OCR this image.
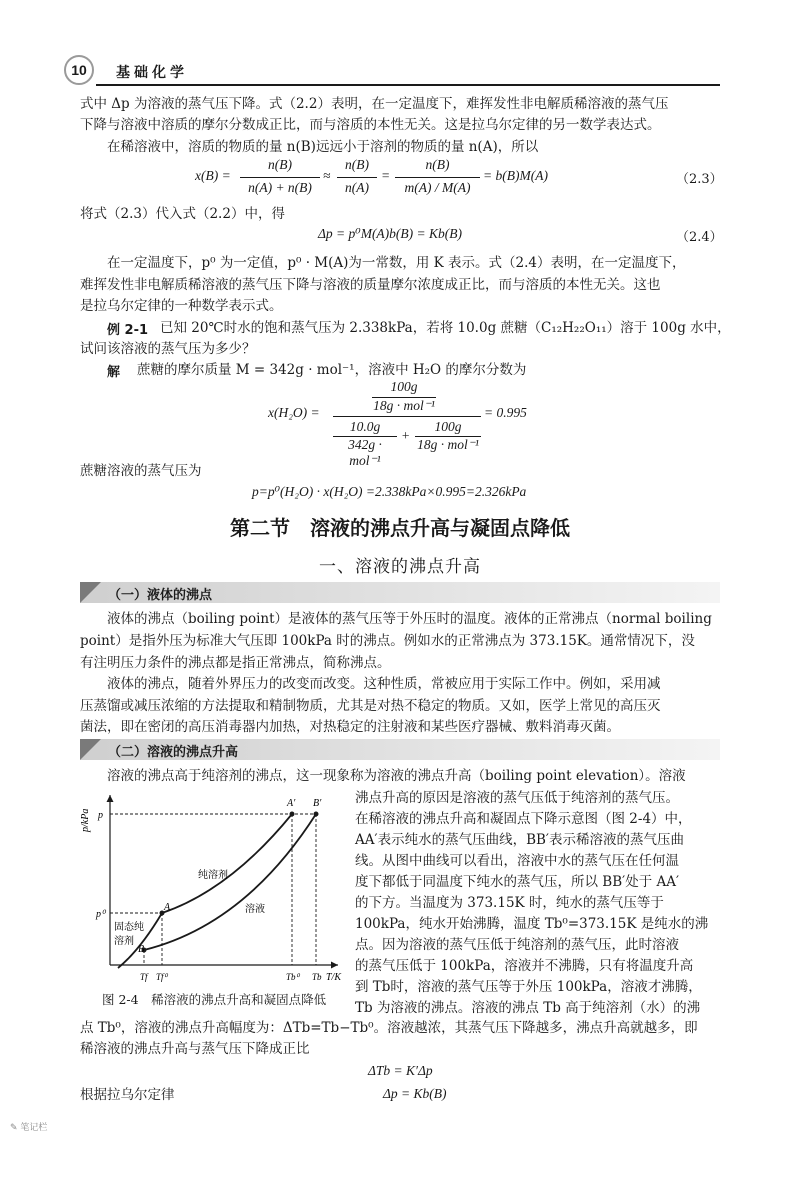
10	基础化学
式中 Δp 为溶液的蒸气压下降。式（2.2）表明，在一定温度下，难挥发性非电解质稀溶液的蒸气压
下降与溶液中溶质的摩尔分数成正比，而与溶质的本性无关。这是拉乌尔定律的另一数学表达式。
在稀溶液中，溶质的物质的量 n(B)远远小于溶剂的物质的量 n(A)，所以
x(B) =
n(B)
n(A) + n(B)
≈
n(B)
n(A)
=
n(B)
m(A) / M(A)
= b(B)M(A)	（2.3）
将式（2.3）代入式（2.2）中，得
Δp = p⁰M(A)b(B) = Kb(B)	（2.4）
在一定温度下，p⁰ 为一定值，p⁰ · M(A)为一常数，用 K 表示。式（2.4）表明，在一定温度下，
难挥发性非电解质稀溶液的蒸气压下降与溶液的质量摩尔浓度成正比，而与溶质的本性无关。这也
是拉乌尔定律的一种数学表示式。
例 2-1 已知 20℃时水的饱和蒸气压为 2.338kPa，若将 10.0g 蔗糖（C₁₂H₂₂O₁₁）溶于 100g 水中，
试问该溶液的蒸气压为多少？
解 蔗糖的摩尔质量 M = 342g · mol⁻¹，溶液中 H₂O 的摩尔分数为
x(H₂O) =
100g
18g · mol⁻¹
10.0g
342g · mol⁻¹
+
100g
18g · mol⁻¹
= 0.995
蔗糖溶液的蒸气压为
p=p⁰(H₂O) · x(H₂O) =2.338kPa×0.995=2.326kPa
第二节　溶液的沸点升高与凝固点降低
一、溶液的沸点升高
（一）液体的沸点
液体的沸点（boiling point）是液体的蒸气压等于外压时的温度。液体的正常沸点（normal boiling
point）是指外压为标准大气压即 100kPa 时的沸点。例如水的正常沸点为 373.15K。通常情况下，没
有注明压力条件的沸点都是指正常沸点，简称沸点。
液体的沸点，随着外界压力的改变而改变。这种性质，常被应用于实际工作中。例如，采用减
压蒸馏或减压浓缩的方法提取和精制物质，尤其是对热不稳定的物质。又如，医学上常见的高压灭
菌法，即在密闭的高压消毒器内加热，对热稳定的注射液和某些医疗器械、敷料消毒灭菌。
（二）溶液的沸点升高
溶液的沸点高于纯溶剂的沸点，这一现象称为溶液的沸点升高（boiling point elevation）。溶液
沸点升高的原因是溶液的蒸气压低于纯溶剂的蒸气压。
在稀溶液的沸点升高和凝固点下降示意图（图 2-4）中，
AA′表示纯水的蒸气压曲线，BB′表示稀溶液的蒸气压曲
线。从图中曲线可以看出，溶液中水的蒸气压在任何温
度下都低于同温度下纯水的蒸气压，所以 BB′处于 AA′
的下方。当温度为 373.15K 时，纯水的蒸气压等于
100kPa，纯水开始沸腾，温度 Tb⁰=373.15K 是纯水的沸
点。因为溶液的蒸气压低于纯溶剂的蒸气压，此时溶液
的蒸气压低于 100kPa，溶液并不沸腾，只有将温度升高
到 Tb时，溶液的蒸气压等于外压 100kPa，溶液才沸腾，
Tb 为溶液的沸点。溶液的沸点 Tb 高于纯溶剂（水）的沸
点 Tb⁰，溶液的沸点升高幅度为：ΔTb=Tb−Tb⁰。溶液越浓，其蒸气压下降越多，沸点升高就越多，即
稀溶液的沸点升高与蒸气压下降成正比
p/kPa
T/K
p
p⁰
A
B
A′ B′
纯溶剂
溶液
固态纯
溶剂
Tf Tf⁰	Tb⁰ Tb
图 2-4　稀溶液的沸点升高和凝固点降低
ΔTb = K′Δp
根据拉乌尔定律	Δp = Kb(B)
✎ 笔记栏
